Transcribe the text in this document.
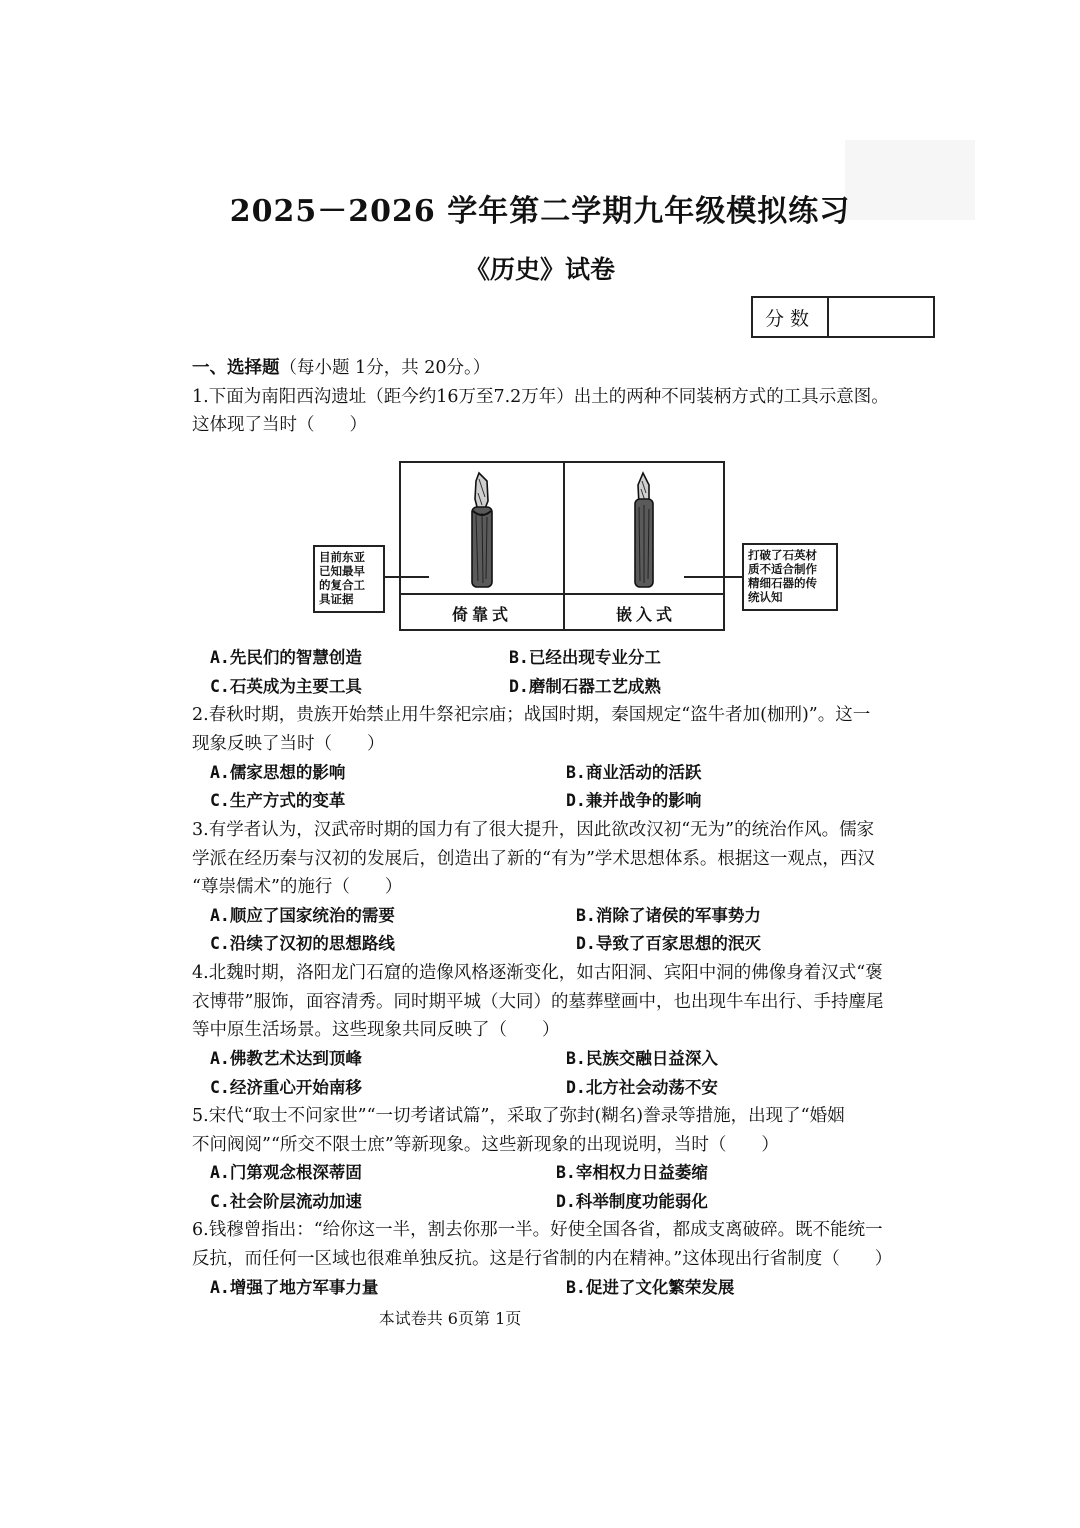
2025－2026 学年第二学期九年级模拟练习
《历史》试卷
分数
一、选择题（每小题 1分，共 20分。）
1.下面为南阳西沟遗址（距今约16万至7.2万年）出土的两种不同装柄方式的工具示意图。
这体现了当时（　　）
目前东亚
已知最早
的复合工
具证据
打破了石英材
质不适合制作
精细石器的传
统认知
倚靠式	嵌入式
A.先民们的智慧创造	B.已经出现专业分工
C.石英成为主要工具	D.磨制石器工艺成熟
2.春秋时期，贵族开始禁止用牛祭祀宗庙；战国时期，秦国规定“盗牛者加(枷刑)”。这一
现象反映了当时（　　）
A.儒家思想的影响	B.商业活动的活跃
C.生产方式的变革	D.兼并战争的影响
3.有学者认为，汉武帝时期的国力有了很大提升，因此欲改汉初“无为”的统治作风。儒家
学派在经历秦与汉初的发展后，创造出了新的“有为”学术思想体系。根据这一观点，西汉
“尊崇儒术”的施行（　　）
A.顺应了国家统治的需要	B.消除了诸侯的军事势力
C.沿续了汉初的思想路线	D.导致了百家思想的泯灭
4.北魏时期，洛阳龙门石窟的造像风格逐渐变化，如古阳洞、宾阳中洞的佛像身着汉式“褒
衣博带”服饰，面容清秀。同时期平城（大同）的墓葬壁画中，也出现牛车出行、手持麈尾
等中原生活场景。这些现象共同反映了（　　）
A.佛教艺术达到顶峰	B.民族交融日益深入
C.经济重心开始南移	D.北方社会动荡不安
5.宋代“取士不问家世”“一切考诸试篇”，采取了弥封(糊名)誊录等措施，出现了“婚姻
不问阀阅”“所交不限士庶”等新现象。这些新现象的出现说明，当时（　　）
A.门第观念根深蒂固	B.宰相权力日益萎缩
C.社会阶层流动加速	D.科举制度功能弱化
6.钱穆曾指出：“给你这一半，割去你那一半。好使全国各省，都成支离破碎。既不能统一
反抗，而任何一区域也很难单独反抗。这是行省制的内在精神。”这体现出行省制度（　　）
A.增强了地方军事力量	B.促进了文化繁荣发展
本试卷共 6页第 1页
